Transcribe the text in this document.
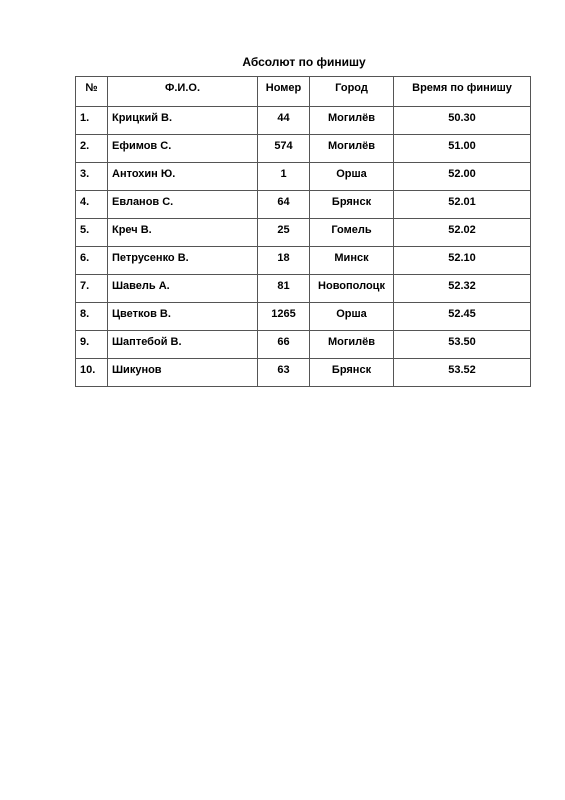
Абсолют по финишу
№	Ф.И.О.	Номер	Город	Время по финишу
1.	Крицкий В.	44	Могилёв	50.30
2.	Ефимов С.	574	Могилёв	51.00
3.	Антохин Ю.	1	Орша	52.00
4.	Евланов С.	64	Брянск	52.01
5.	Креч В.	25	Гомель	52.02
6.	Петрусенко В.	18	Минск	52.10
7.	Шавель А.	81	Новополоцк	52.32
8.	Цветков В.	1265	Орша	52.45
9.	Шаптебой В.	66	Могилёв	53.50
10.	Шикунов	63	Брянск	53.52
